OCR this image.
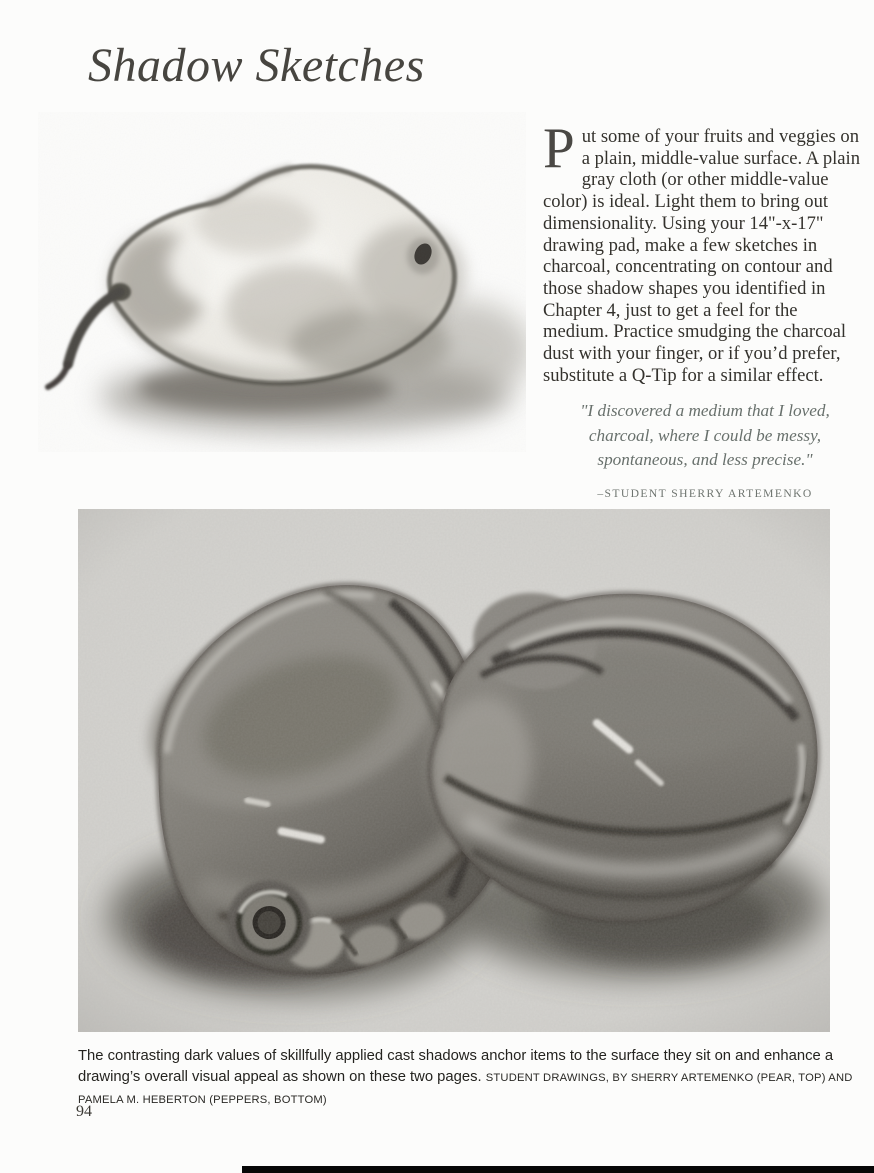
Shadow Sketches

Put some of your fruits and veggies on a plain, middle-value surface. A plain gray cloth (or other middle-value color) is ideal. Light them to bring out dimensionality. Using your 14"-x-17" drawing pad, make a few sketches in charcoal, concentrating on contour and those shadow shapes you identified in Chapter 4, just to get a feel for the medium. Practice smudging the charcoal dust with your finger, or if you’d prefer, substitute a Q-Tip for a similar effect.

"I discovered a medium that I loved,
charcoal, where I could be messy,
spontaneous, and less precise."
–STUDENT SHERRY ARTEMENKO
The contrasting dark values of skillfully applied cast shadows anchor items to the surface they sit on and enhance a drawing’s overall visual appeal as shown on these two pages. STUDENT DRAWINGS, BY SHERRY ARTEMENKO (PEAR, TOP) AND PAMELA M. HEBERTON (PEPPERS, BOTTOM)
94
